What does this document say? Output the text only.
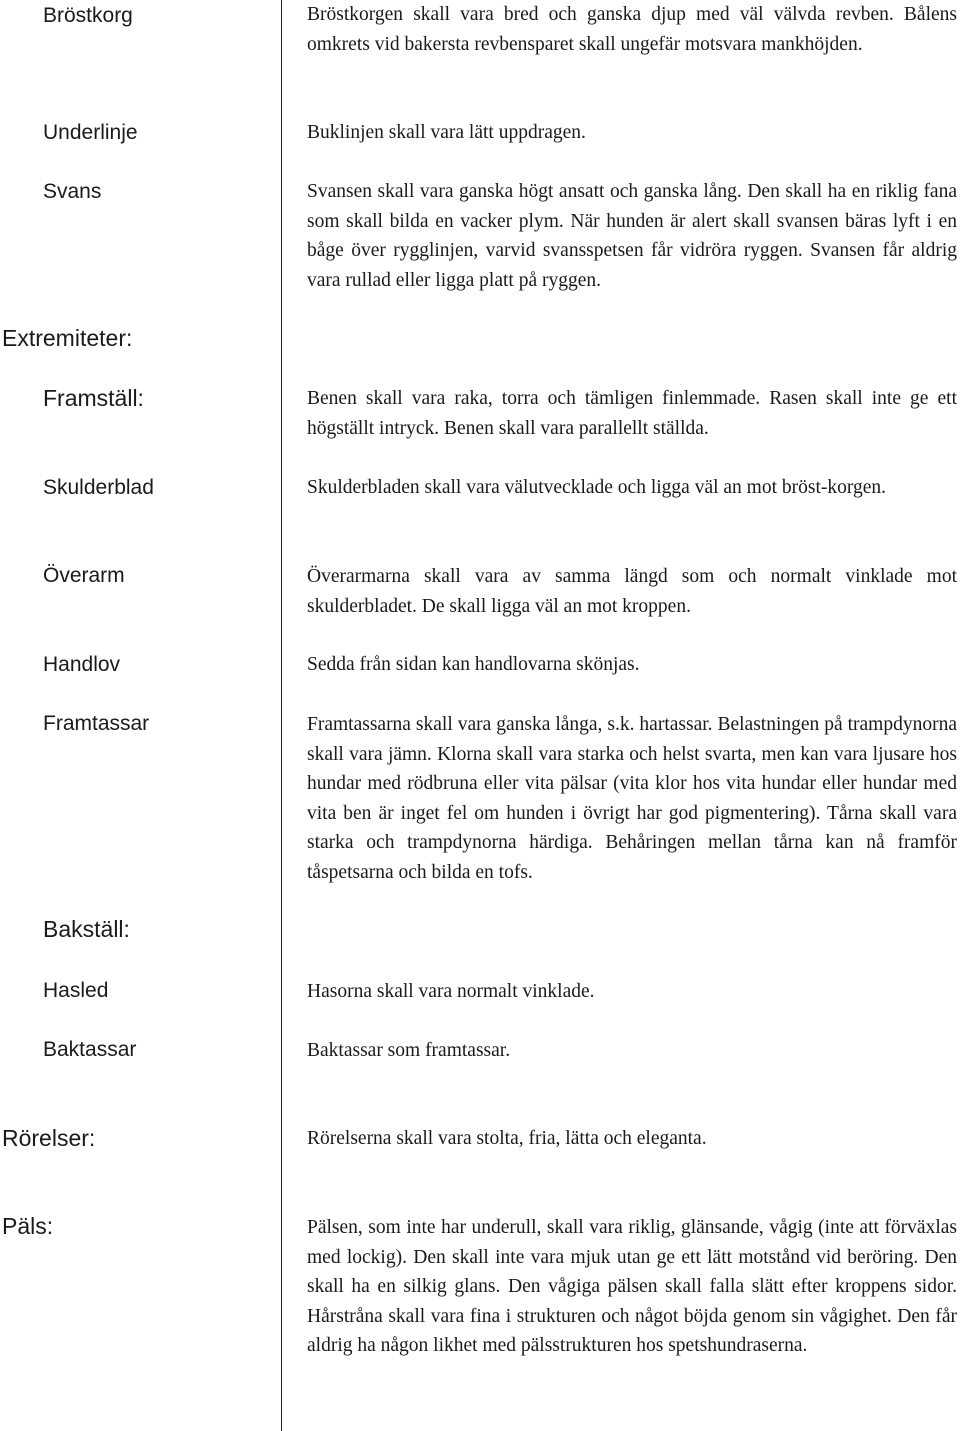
Bröstkorg
Underlinje
Svans
Extremiteter:
Framställ:
Skulderblad
Överarm
Handlov
Framtassar
Bakställ:
Hasled
Baktassar
Rörelser:
Päls:

Bröstkorgen skall vara bred och ganska djup med väl välvda revben. Bålens omkrets vid bakersta revbensparet skall ungefär motsvara mankhöjden.

Buklinjen skall vara lätt uppdragen.

Svansen skall vara ganska högt ansatt och ganska lång. Den skall ha en riklig fana som skall bilda en vacker plym. När hunden är alert skall svansen bäras lyft i en båge över rygglinjen, varvid svansspetsen får vidröra ryggen. Svansen får aldrig vara rullad eller ligga platt på ryggen.

Benen skall vara raka, torra och tämligen finlemmade. Rasen skall inte ge ett högställt intryck. Benen skall vara parallellt ställda.

Skulderbladen skall vara välutvecklade och ligga väl an mot bröst-korgen.

Överarmarna skall vara av samma längd som och normalt vinklade mot skulderbladet. De skall ligga väl an mot kroppen.

Sedda från sidan kan handlovarna skönjas.

Framtassarna skall vara ganska långa, s.k. hartassar. Belastningen på trampdynorna skall vara jämn. Klorna skall vara starka och helst svarta, men kan vara ljusare hos hundar med rödbruna eller vita pälsar (vita klor hos vita hundar eller hundar med vita ben är inget fel om hunden i övrigt har god pigmentering). Tårna skall vara starka och trampdynorna härdiga. Behåringen mellan tårna kan nå framför tåspetsarna och bilda en tofs.

Hasorna skall vara normalt vinklade.

Baktassar som framtassar.

Rörelserna skall vara stolta, fria, lätta och eleganta.

Pälsen, som inte har underull, skall vara riklig, glänsande, vågig (inte att förväxlas med lockig). Den skall inte vara mjuk utan ge ett lätt motstånd vid beröring. Den skall ha en silkig glans. Den vågiga pälsen skall falla slätt efter kroppens sidor. Hårstråna skall vara fina i strukturen och något böjda genom sin vågighet. Den får aldrig ha någon likhet med pälsstrukturen hos spetshundraserna.
